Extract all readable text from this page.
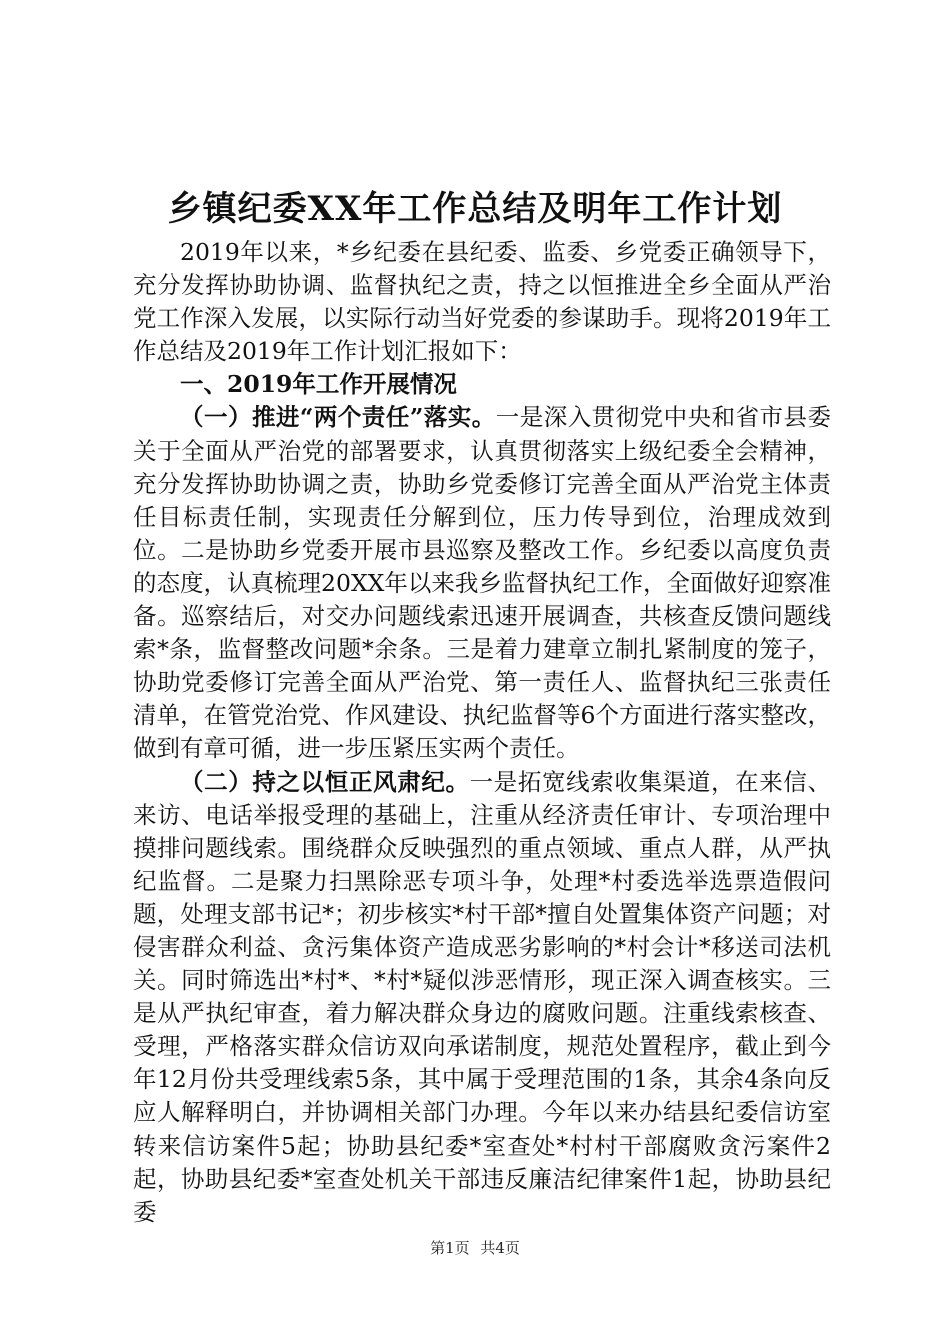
乡镇纪委XX年工作总结及明年工作计划

2019年以来，*乡纪委在县纪委、监委、乡党委正确领导下，充分发挥协助协调、监督执纪之责，持之以恒推进全乡全面从严治党工作深入发展，以实际行动当好党委的参谋助手。现将2019年工作总结及2019年工作计划汇报如下：

一、2019年工作开展情况

（一）推进“两个责任”落实。一是深入贯彻党中央和省市县委关于全面从严治党的部署要求，认真贯彻落实上级纪委全会精神，充分发挥协助协调之责，协助乡党委修订完善全面从严治党主体责任目标责任制，实现责任分解到位，压力传导到位，治理成效到位。二是协助乡党委开展市县巡察及整改工作。乡纪委以高度负责的态度，认真梳理20XX年以来我乡监督执纪工作，全面做好迎察准备。巡察结后，对交办问题线索迅速开展调查，共核查反馈问题线索*条，监督整改问题*余条。三是着力建章立制扎紧制度的笼子，协助党委修订完善全面从严治党、第一责任人、监督执纪三张责任清单，在管党治党、作风建设、执纪监督等6个方面进行落实整改，做到有章可循，进一步压紧压实两个责任。

（二）持之以恒正风肃纪。一是拓宽线索收集渠道，在来信、来访、电话举报受理的基础上，注重从经济责任审计、专项治理中摸排问题线索。围绕群众反映强烈的重点领域、重点人群，从严执纪监督。二是聚力扫黑除恶专项斗争，处理*村委选举选票造假问题，处理支部书记*；初步核实*村干部*擅自处置集体资产问题；对侵害群众利益、贪污集体资产造成恶劣影响的*村会计*移送司法机关。同时筛选出*村*、*村*疑似涉恶情形，现正深入调查核实。三是从严执纪审查，着力解决群众身边的腐败问题。注重线索核查、受理，严格落实群众信访双向承诺制度，规范处置程序，截止到今年12月份共受理线索5条，其中属于受理范围的1条，其余4条向反应人解释明白，并协调相关部门办理。今年以来办结县纪委信访室转来信访案件5起；协助县纪委*室查处*村村干部腐败贪污案件2起，协助县纪委*室查处机关干部违反廉洁纪律案件1起，协助县纪委

第1页 共4页
